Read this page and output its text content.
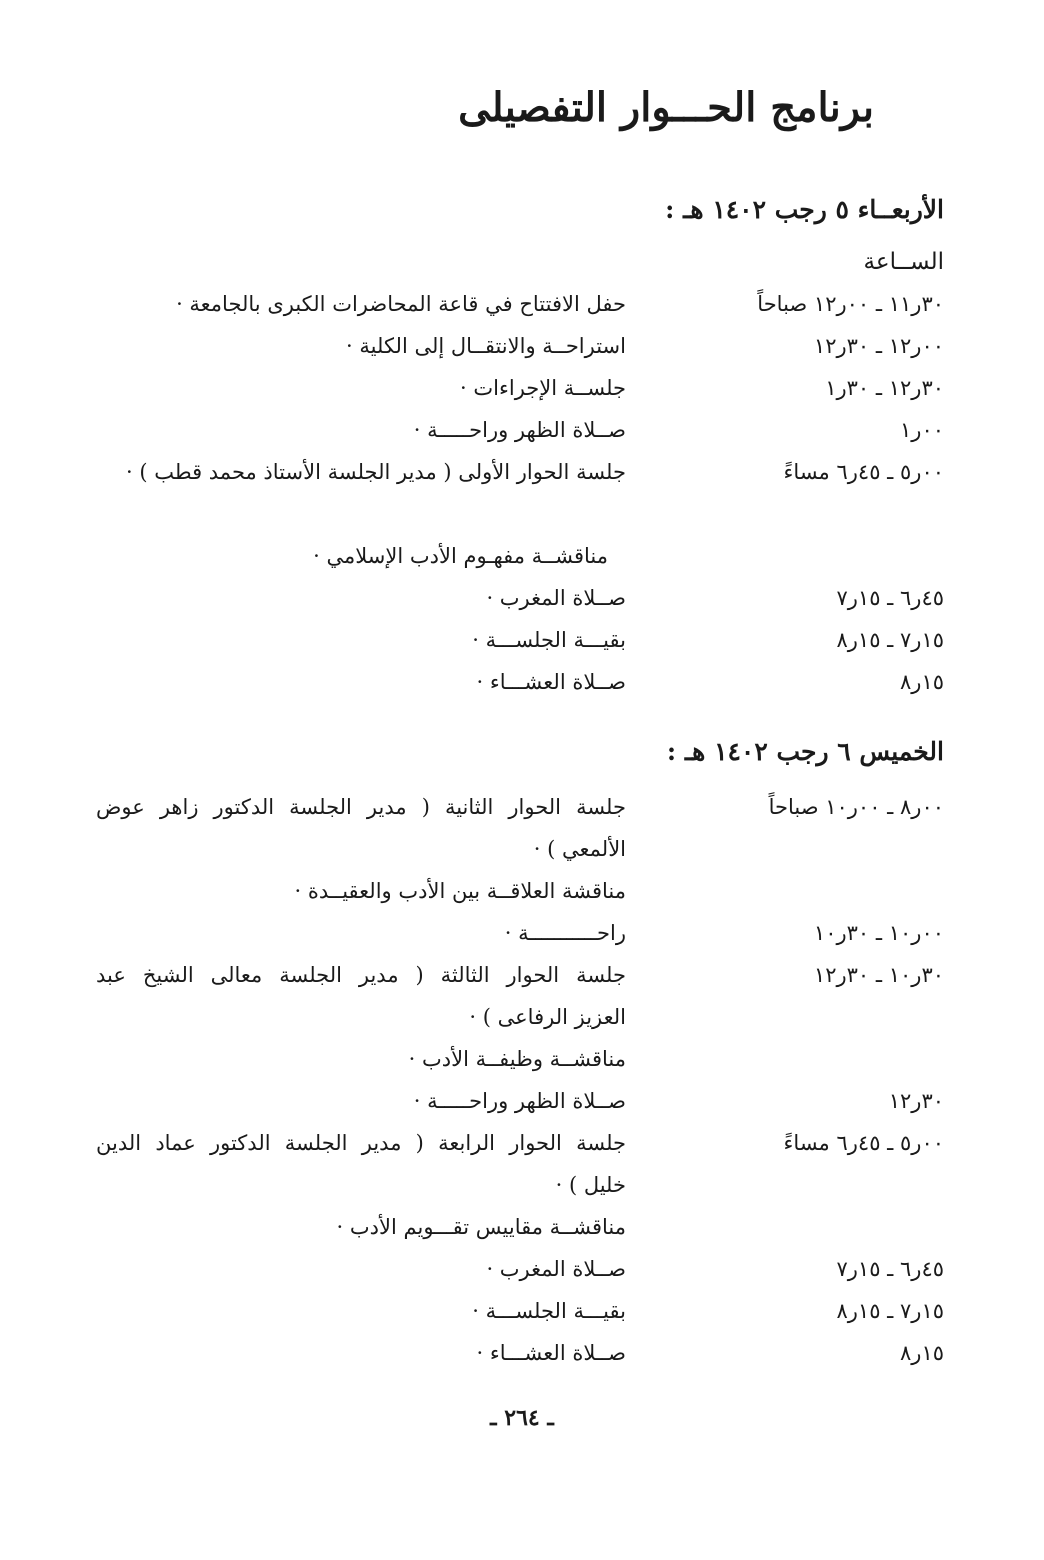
برنامج الحـــوار التفصيلى
الأربعــاء ٥ رجب ١٤٠٢ هـ :
الســاعة
٣٠ر١١ ـ ٠٠ر١٢ صباحاً
حفل الافتتاح في قاعة المحاضرات الكبرى بالجامعة ·
٠٠ر١٢ ـ ٣٠ر١٢
استراحــة والانتقــال إلى الكلية ·
٣٠ر١٢ ـ ٣٠ر١
جلســة الإجراءات ·
٠٠ر١
صــلاة الظهر وراحـــــة ·
٠٠ر٥ ـ ٤٥ر٦ مساءً
جلسة الحوار الأولى ( مدير الجلسة الأستاذ محمد قطب ) ·
مناقشــة مفهـوم الأدب الإسلامي ·
٤٥ر٦ ـ ١٥ر٧
صــلاة المغرب ·
١٥ر٧ ـ ١٥ر٨
بقيـــة الجلســـة ·
١٥ر٨
صــلاة العشـــاء ·
الخميس ٦ رجب ١٤٠٢ هـ :
٠٠ر٨ ـ ٠٠ر١٠ صباحاً
جلسة الحوار الثانية ( مدير الجلسة الدكتور زاهر عوض
الألمعي ) ·
مناقشة العلاقــة بين الأدب والعقيــدة ·
٠٠ر١٠ ـ ٣٠ر١٠
راحـــــــــــة ·
٣٠ر١٠ ـ ٣٠ر١٢
جلسة الحوار الثالثة ( مدير الجلسة معالى الشيخ عبد
العزيز الرفاعى ) ·
مناقشــة وظيفــة الأدب ·
٣٠ر١٢
صــلاة الظهر وراحـــــة ·
٠٠ر٥ ـ ٤٥ر٦ مساءً
جلسة الحوار الرابعة ( مدير الجلسة الدكتور عماد الدين
خليل ) ·
مناقشــة مقاييس تقـــويم الأدب ·
٤٥ر٦ ـ ١٥ر٧
صــلاة المغرب ·
١٥ر٧ ـ ١٥ر٨
بقيـــة الجلســـة ·
١٥ر٨
صــلاة العشـــاء ·
ـ ٢٦٤ ـ
